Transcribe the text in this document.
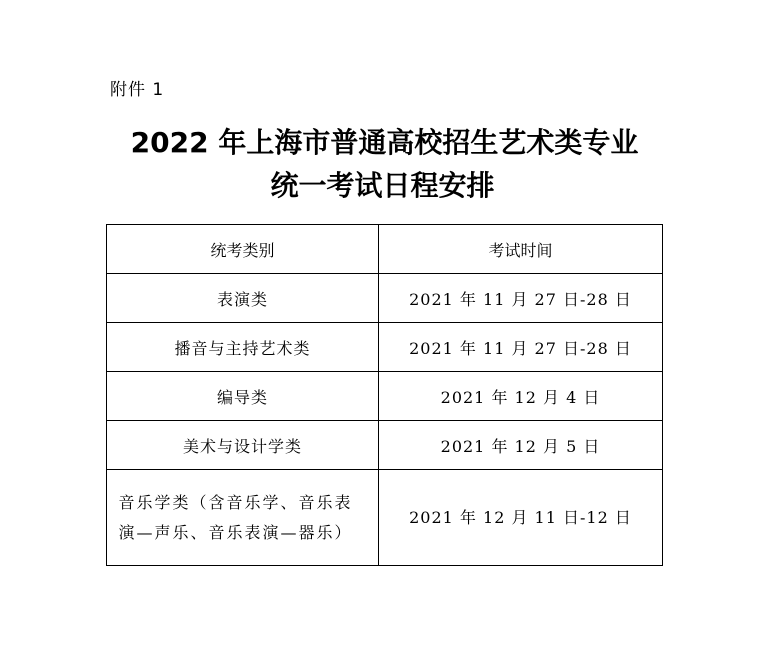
附件 1
2022 年上海市普通高校招生艺术类专业
统一考试日程安排
统考类别	考试时间
表演类	2021 年 11 月 27 日-28 日
播音与主持艺术类	2021 年 11 月 27 日-28 日
编导类	2021 年 12 月 4 日
美术与设计学类	2021 年 12 月 5 日
音乐学类（含音乐学、音乐表演—声乐、音乐表演—器乐）	2021 年 12 月 11 日-12 日
